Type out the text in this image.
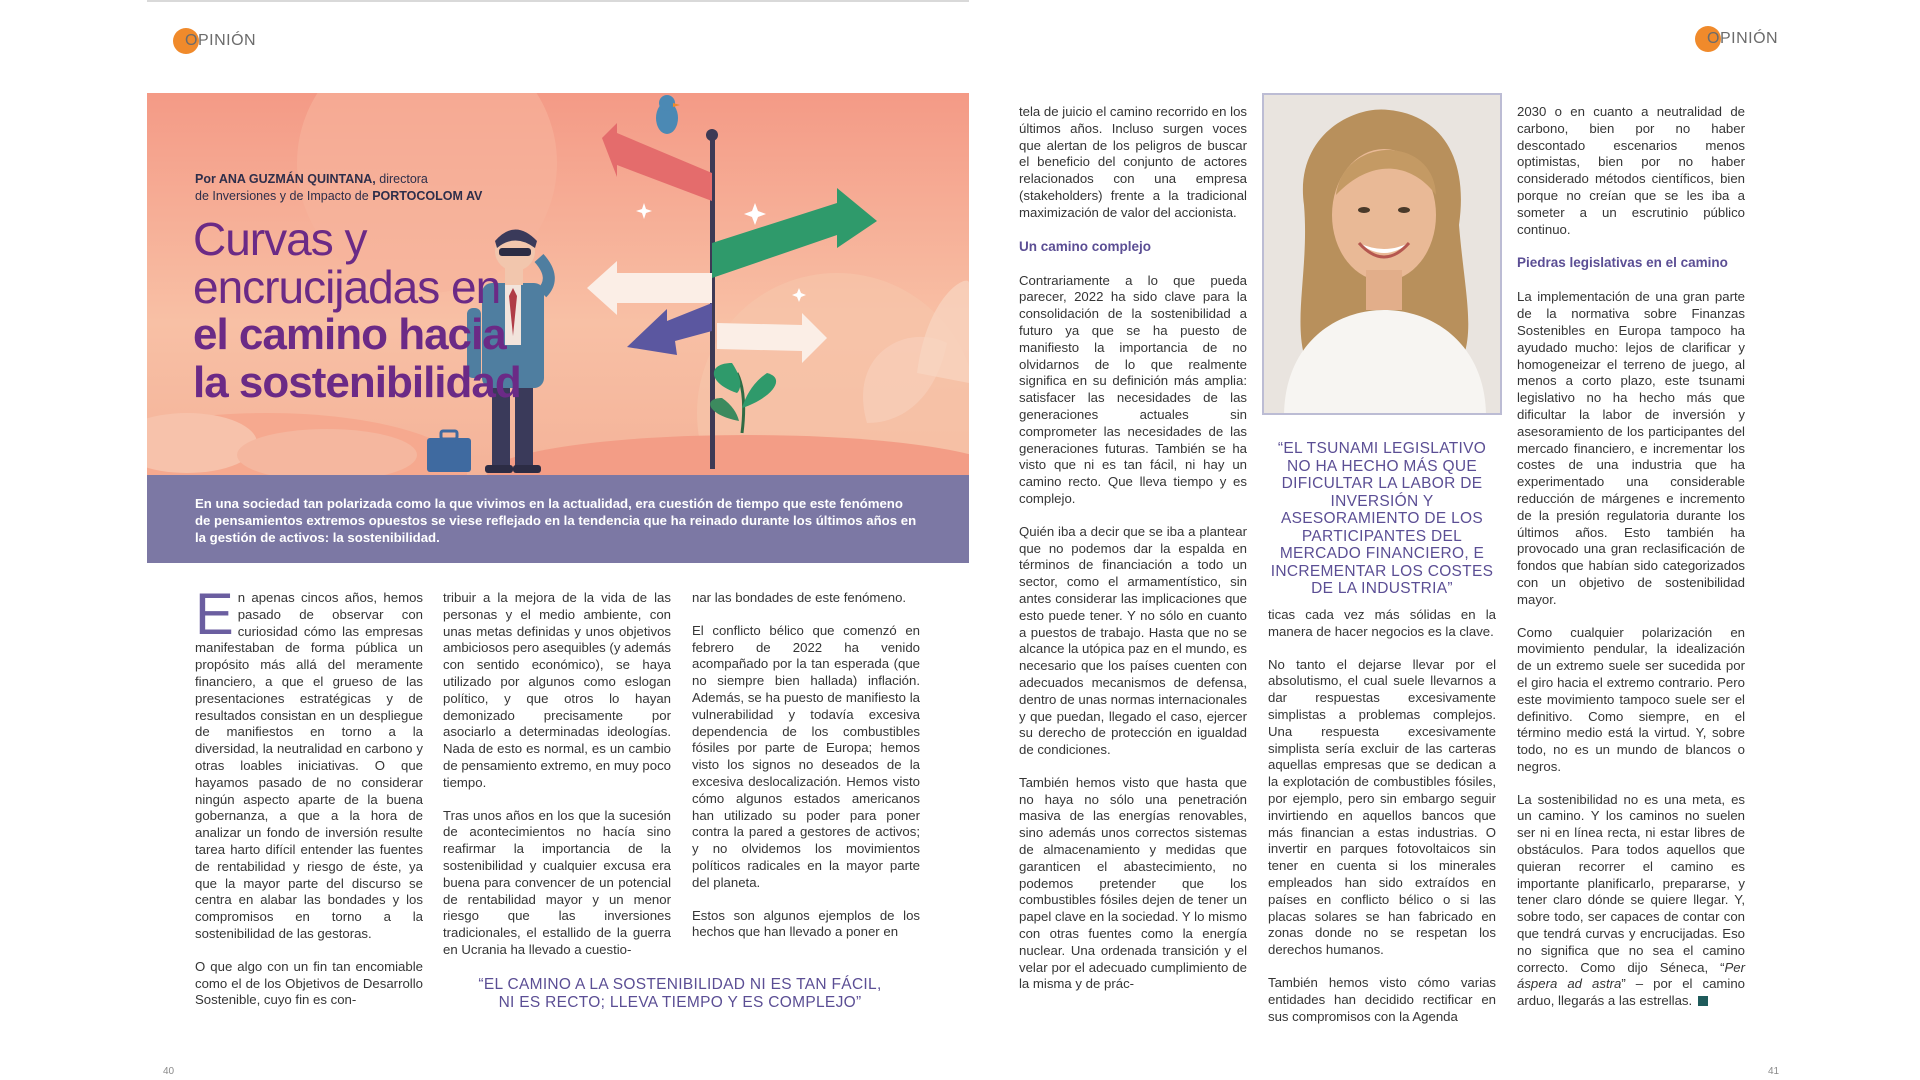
OPINIÓN	OPINIÓN
Por ANA GUZMÁN QUINTANA, directora
de Inversiones y de Impacto de PORTOCOLOM AV
Curvas y
encrucijadas en
el camino hacia
la sostenibilidad
En una sociedad tan polarizada como la que vivimos en la actualidad, era cuestión de tiempo que este fenómeno de pensamientos extremos opuestos se viese reflejado en la tendencia que ha reinado durante los últimos años en la gestión de activos: la sostenibilidad.

En apenas cincos años, hemos pasado de observar con curiosidad cómo las empresas manifestaban de forma pública un propósito más allá del meramente financiero, a que el grueso de las presentaciones estratégicas y de resultados consistan en un despliegue de manifiestos en torno a la diversidad, la neutralidad en carbono y otras loables iniciativas. O que hayamos pasado de no considerar ningún aspecto aparte de la buena gobernanza, a que a la hora de analizar un fondo de inversión resulte tarea harto difícil entender las fuentes de rentabilidad y riesgo de éste, ya que la mayor parte del discurso se centra en alabar las bondades y los compromisos en torno a la sostenibilidad de las gestoras.

O que algo con un fin tan encomiable como el de los Objetivos de Desarrollo Sostenible, cuyo fin es con-

tribuir a la mejora de la vida de las personas y el medio ambiente, con unas metas definidas y unos objetivos ambiciosos pero asequibles (y además con sentido económico), se haya utilizado por algunos como eslogan político, y que otros lo hayan demonizado precisamente por asociarlo a determinadas ideologías. Nada de esto es normal, es un cambio de pensamiento extremo, en muy poco tiempo.

Tras unos años en los que la sucesión de acontecimientos no hacía sino reafirmar la importancia de la sostenibilidad y cualquier excusa era buena para convencer de un potencial de rentabilidad mayor y un menor riesgo que las inversiones tradicionales, el estallido de la guerra en Ucrania ha llevado a cuestio-

nar las bondades de este fenómeno.

El conflicto bélico que comenzó en febrero de 2022 ha venido acompañado por la tan esperada (que no siempre bien hallada) inflación. Además, se ha puesto de manifiesto la vulnerabilidad y todavía excesiva dependencia de los combustibles fósiles por parte de Europa; hemos visto los signos no deseados de la excesiva deslocalización. Hemos visto cómo algunos estados americanos han utilizado su poder para poner contra la pared a gestores de activos; y no olvidemos los movimientos políticos radicales en la mayor parte del planeta.

Estos son algunos ejemplos de los hechos que han llevado a poner en

“EL CAMINO A LA SOSTENIBILIDAD NI ES TAN FÁCIL, NI ES RECTO; LLEVA TIEMPO Y ES COMPLEJO”

tela de juicio el camino recorrido en los últimos años. Incluso surgen voces que alertan de los peligros de buscar el beneficio del conjunto de actores relacionados con una empresa (stakeholders) frente a la tradicional maximización de valor del accionista.

Un camino complejo

Contrariamente a lo que pueda parecer, 2022 ha sido clave para la consolidación de la sostenibilidad a futuro ya que se ha puesto de manifiesto la importancia de no olvidarnos de lo que realmente significa en su definición más amplia: satisfacer las necesidades de las generaciones actuales sin comprometer las necesidades de las generaciones futuras. También se ha visto que ni es tan fácil, ni hay un camino recto. Que lleva tiempo y es complejo.

Quién iba a decir que se iba a plantear que no podemos dar la espalda en términos de financiación a todo un sector, como el armamentístico, sin antes considerar las implicaciones que esto puede tener. Y no sólo en cuanto a puestos de trabajo. Hasta que no se alcance la utópica paz en el mundo, es necesario que los países cuenten con adecuados mecanismos de defensa, dentro de unas normas internacionales y que puedan, llegado el caso, ejercer su derecho de protección en igualdad de condiciones.

También hemos visto que hasta que no haya no sólo una penetración masiva de las energías renovables, sino además unos correctos sistemas de almacenamiento y medidas que garanticen el abastecimiento, no podemos pretender que los combustibles fósiles dejen de tener un papel clave en la sociedad. Y lo mismo con otras fuentes como la energía nuclear. Una ordenada transición y el velar por el adecuado cumplimiento de la misma y de prác-

“EL TSUNAMI LEGISLATIVO NO HA HECHO MÁS QUE DIFICULTAR LA LABOR DE INVERSIÓN Y ASESORAMIENTO DE LOS PARTICIPANTES DEL MERCADO FINANCIERO, E INCREMENTAR LOS COSTES DE LA INDUSTRIA”

ticas cada vez más sólidas en la manera de hacer negocios es la clave.

No tanto el dejarse llevar por el absolutismo, el cual suele llevarnos a dar respuestas excesivamente simplistas a problemas complejos. Una respuesta excesivamente simplista sería excluir de las carteras aquellas empresas que se dedican a la explotación de combustibles fósiles, por ejemplo, pero sin embargo seguir invirtiendo en aquellos bancos que más financian a estas industrias. O invertir en parques fotovoltaicos sin tener en cuenta si los minerales empleados han sido extraídos en países en conflicto bélico o si las placas solares se han fabricado en zonas donde no se respetan los derechos humanos.

También hemos visto cómo varias entidades han decidido rectificar en sus compromisos con la Agenda

2030 o en cuanto a neutralidad de carbono, bien por no haber descontado escenarios menos optimistas, bien por no haber considerado métodos científicos, bien porque no creían que se les iba a someter a un escrutinio público continuo.

Piedras legislativas en el camino

La implementación de una gran parte de la normativa sobre Finanzas Sostenibles en Europa tampoco ha ayudado mucho: lejos de clarificar y homogeneizar el terreno de juego, al menos a corto plazo, este tsunami legislativo no ha hecho más que dificultar la labor de inversión y asesoramiento de los participantes del mercado financiero, e incrementar los costes de una industria que ha experimentado una considerable reducción de márgenes e incremento de la presión regulatoria durante los últimos años. Esto también ha provocado una gran reclasificación de fondos que habían sido categorizados con un objetivo de sostenibilidad mayor.

Como cualquier polarización en movimiento pendular, la idealización de un extremo suele ser sucedida por el giro hacia el extremo contrario. Pero este movimiento tampoco suele ser el definitivo. Como siempre, en el término medio está la virtud. Y, sobre todo, no es un mundo de blancos o negros.

La sostenibilidad no es una meta, es un camino. Y los caminos no suelen ser ni en línea recta, ni estar libres de obstáculos. Para todos aquellos que quieran recorrer el camino es importante planificarlo, prepararse, y tener claro dónde se quiere llegar. Y, sobre todo, ser capaces de contar con que tendrá curvas y encrucijadas. Eso no significa que no sea el camino correcto. Como dijo Séneca, “Per áspera ad astra” – por el camino arduo, llegarás a las estrellas.

40	41
